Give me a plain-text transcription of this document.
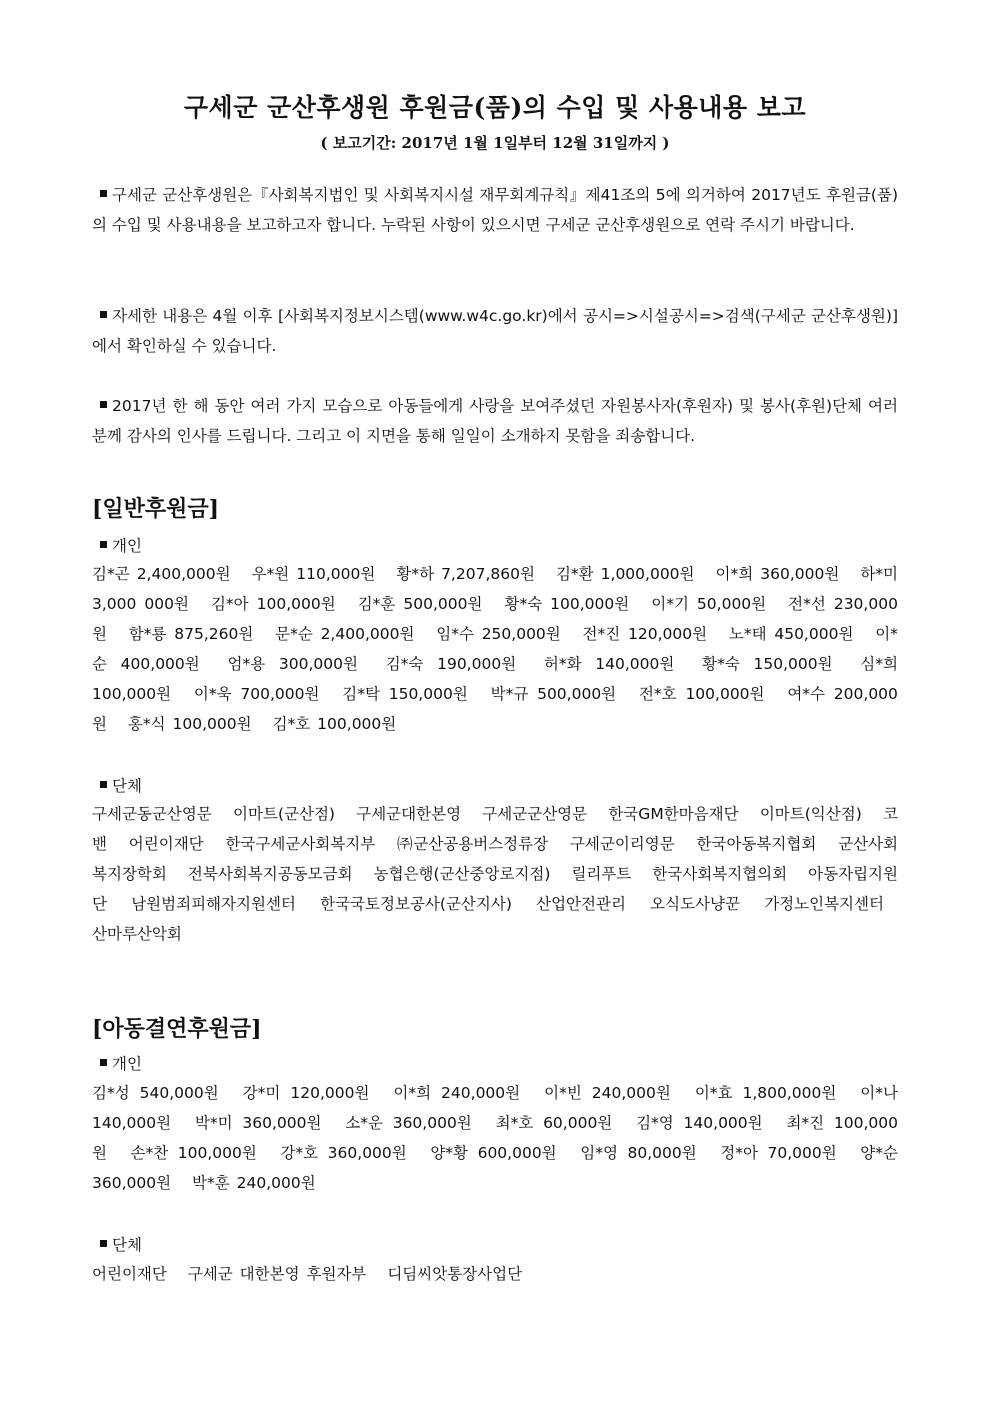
구세군 군산후생원 후원금(품)의 수입 및 사용내용 보고
( 보고기간: 2017년 1월 1일부터 12월 31일까지 )
구세군 군산후생원은『사회복지법인 및 사회복지시설 재무회계규칙』제41조의 5에 의거하여 2017년도 후원금(품)의 수입 및 사용내용을 보고하고자 합니다. 누락된 사항이 있으시면 구세군 군산후생원으로 연락 주시기 바랍니다.
자세한 내용은 4월 이후 [사회복지정보시스템(www.w4c.go.kr)에서 공시=>시설공시=>검색(구세군 군산후생원)]에서 확인하실 수 있습니다.
2017년 한 해 동안 여러 가지 모습으로 아동들에게 사랑을 보여주셨던 자원봉사자(후원자) 및 봉사(후원)단체 여러분께 감사의 인사를 드립니다. 그리고 이 지면을 통해 일일이 소개하지 못함을 죄송합니다.
[일반후원금]
개인
김*곤 2,400,000원 우*원 110,000원 황*하 7,207,860원 김*환 1,000,000원 이*희 360,000원 하*미 3,000 000원 김*아 100,000원 김*훈 500,000원 황*숙 100,000원 이*기 50,000원 전*선 230,000원 함*룡 875,260원 문*순 2,400,000원 임*수 250,000원 전*진 120,000원 노*태 450,000원 이*순 400,000원 엄*용 300,000원 김*숙 190,000원 허*화 140,000원 황*숙 150,000원 심*희 100,000원 이*욱 700,000원 김*탁 150,000원 박*규 500,000원 전*호 100,000원 여*수 200,000원 홍*식 100,000원 김*호 100,000원
단체
구세군동군산영문 이마트(군산점) 구세군대한본영 구세군군산영문 한국GM한마음재단 이마트(익산점) 코밴 어린이재단 한국구세군사회복지부 ㈜군산공용버스정류장 구세군이리영문 한국아동복지협회 군산사회복지장학회 전북사회복지공동모금회 농협은행(군산중앙로지점) 릴리푸트 한국사회복지협의회 아동자립지원단 남원범죄피해자지원센터 한국국토정보공사(군산지사) 산업안전관리 오식도사냥꾼 가정노인복지센터 산마루산악회
[아동결연후원금]
개인
김*성 540,000원 강*미 120,000원 이*희 240,000원 이*빈 240,000원 이*효 1,800,000원 이*나 140,000원 박*미 360,000원 소*운 360,000원 최*호 60,000원 김*영 140,000원 최*진 100,000원 손*찬 100,000원 강*호 360,000원 양*황 600,000원 임*영 80,000원 정*아 70,000원 양*순 360,000원 박*훈 240,000원
단체
어린이재단 구세군 대한본영 후원자부 디딤씨앗통장사업단
